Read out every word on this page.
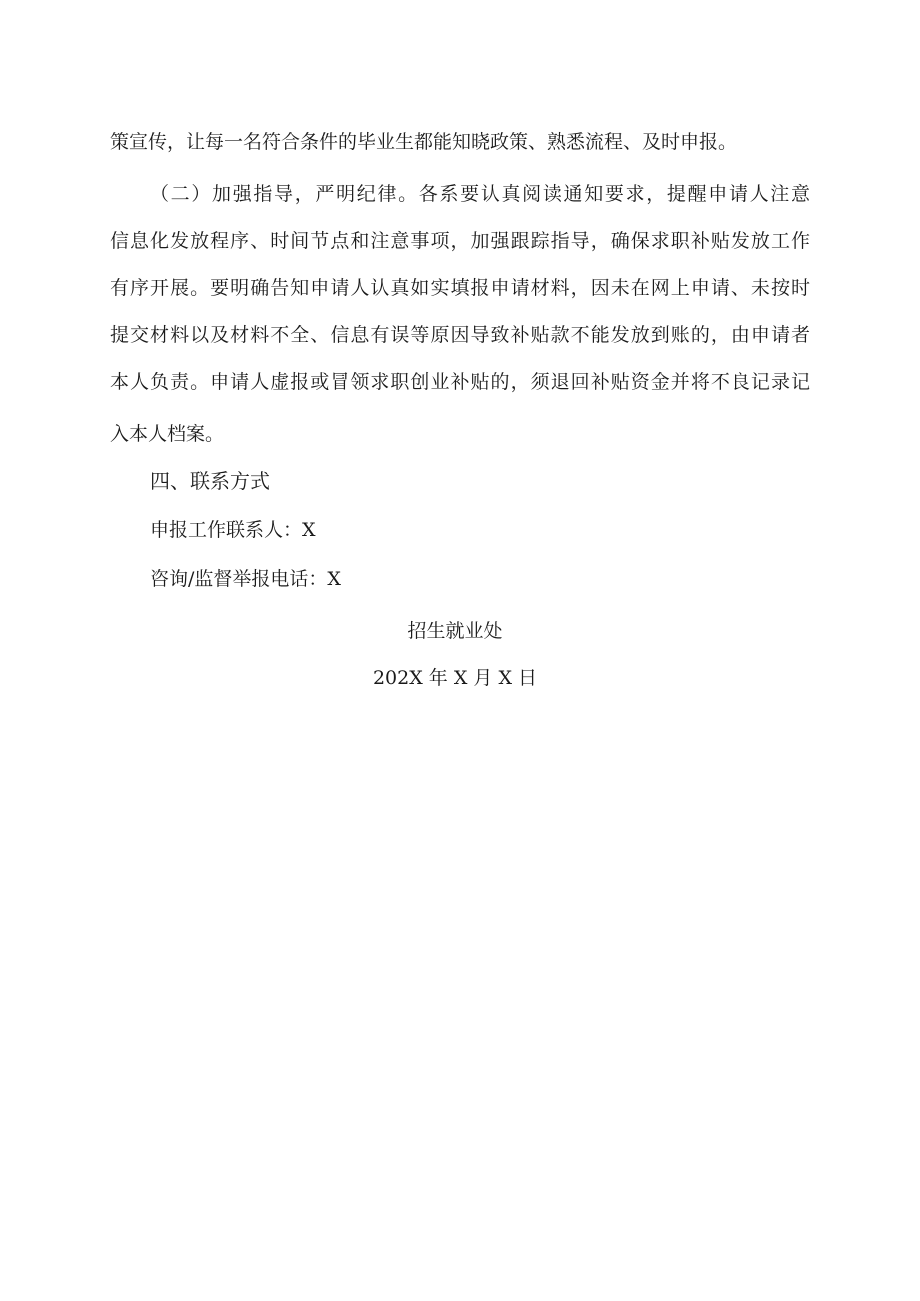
策宣传，让每一名符合条件的毕业生都能知晓政策、熟悉流程、及时申报。
（二）加强指导，严明纪律。各系要认真阅读通知要求，提醒申请人注意
信息化发放程序、时间节点和注意事项，加强跟踪指导，确保求职补贴发放工作
有序开展。要明确告知申请人认真如实填报申请材料，因未在网上申请、未按时
提交材料以及材料不全、信息有误等原因导致补贴款不能发放到账的，由申请者
本人负责。申请人虚报或冒领求职创业补贴的，须退回补贴资金并将不良记录记
入本人档案。
四、联系方式
申报工作联系人：X
咨询/监督举报电话：X
招生就业处
202X 年 X 月 X 日
